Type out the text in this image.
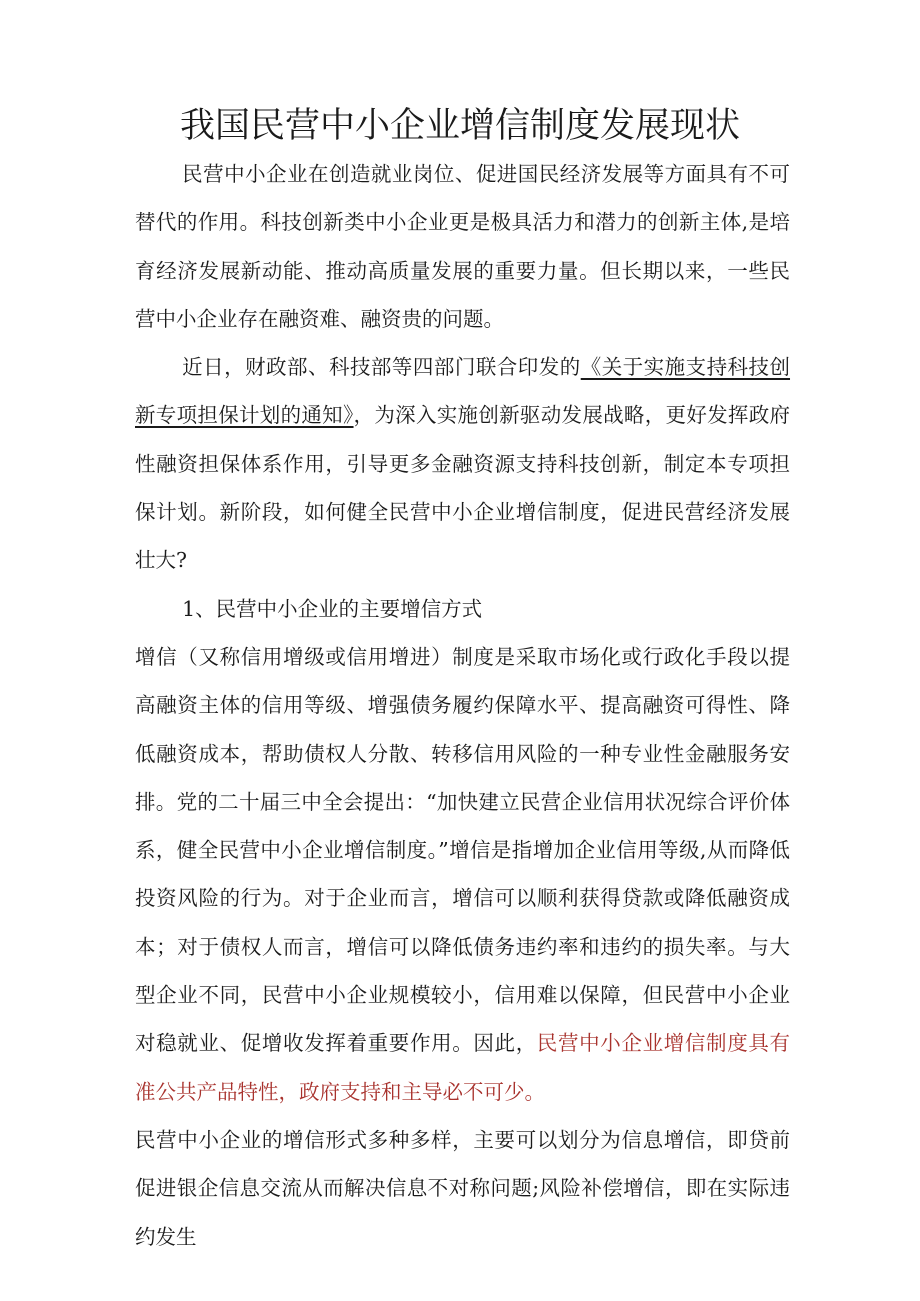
我国民营中小企业增信制度发展现状

民营中小企业在创造就业岗位、促进国民经济发展等方面具有不可替代的作用。科技创新类中小企业更是极具活力和潜力的创新主体,是培育经济发展新动能、推动高质量发展的重要力量。但长期以来，一些民营中小企业存在融资难、融资贵的问题。

近日，财政部、科技部等四部门联合印发的《关于实施支持科技创新专项担保计划的通知》，为深入实施创新驱动发展战略，更好发挥政府性融资担保体系作用，引导更多金融资源支持科技创新，制定本专项担保计划。新阶段，如何健全民营中小企业增信制度，促进民营经济发展壮大?

1、民营中小企业的主要增信方式

增信（又称信用增级或信用增进）制度是采取市场化或行政化手段以提高融资主体的信用等级、增强债务履约保障水平、提高融资可得性、降低融资成本，帮助债权人分散、转移信用风险的一种专业性金融服务安排。党的二十届三中全会提出：“加快建立民营企业信用状况综合评价体系，健全民营中小企业增信制度。”增信是指增加企业信用等级,从而降低投资风险的行为。对于企业而言，增信可以顺利获得贷款或降低融资成本；对于债权人而言，增信可以降低债务违约率和违约的损失率。与大型企业不同，民营中小企业规模较小，信用难以保障，但民营中小企业对稳就业、促增收发挥着重要作用。因此，民营中小企业增信制度具有准公共产品特性，政府支持和主导必不可少。

民营中小企业的增信形式多种多样，主要可以划分为信息增信，即贷前促进银企信息交流从而解决信息不对称问题;风险补偿增信，即在实际违约发生
